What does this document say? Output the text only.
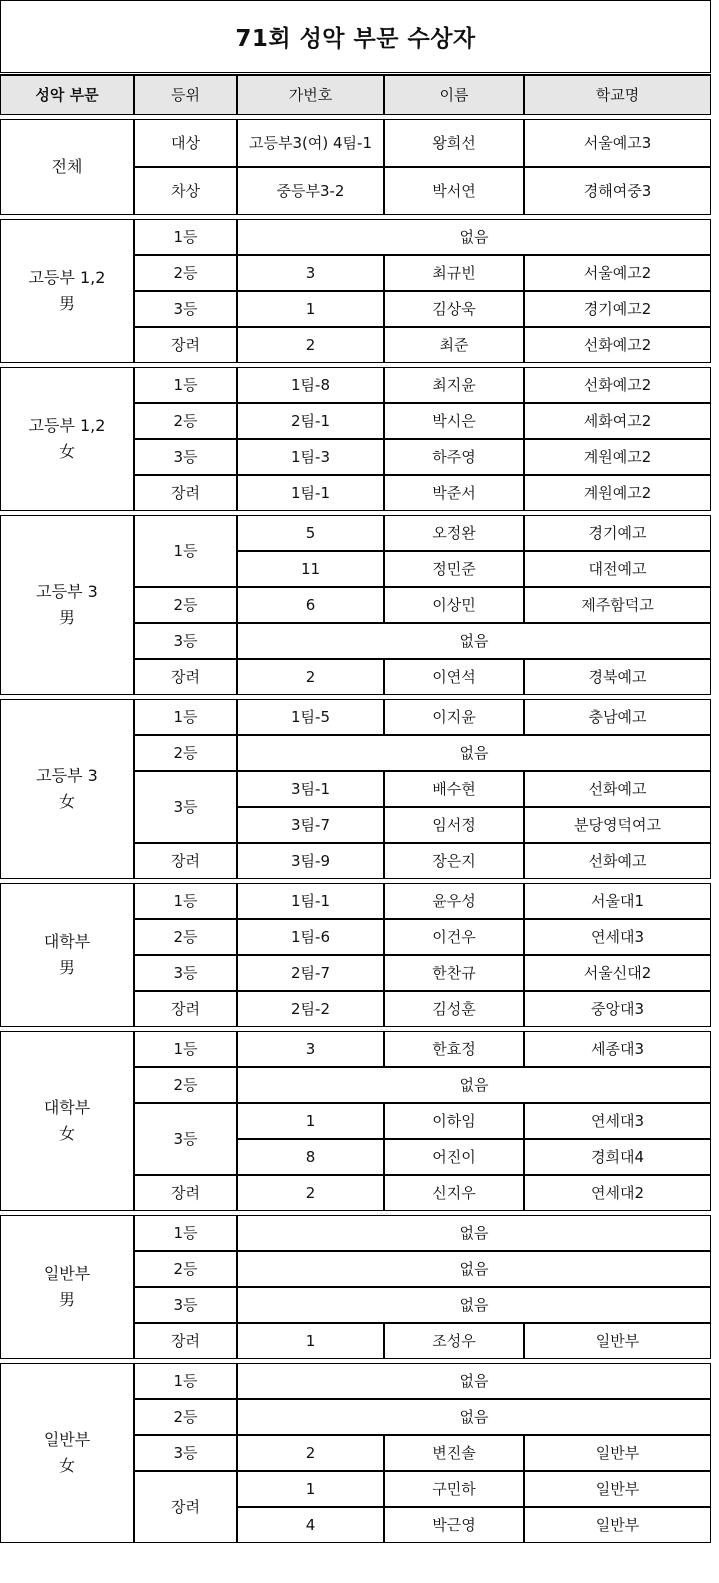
71회 성악 부문 수상자
성악 부문	등위	가번호	이름	학교명

전체	대상	고등부3(여) 4팀-1	왕희선	서울예고3
	차상	중등부3-2	박서연	경해여중3

고등부 1,2
男	1등	없음		
	2등	3	최규빈	서울예고2
	3등	1	김상욱	경기예고2
	장려	2	최준	선화예고2

고등부 1,2
女	1등	1팀-8	최지윤	선화예고2
	2등	2팀-1	박시은	세화여고2
	3등	1팀-3	하주영	계원예고2
	장려	1팀-1	박준서	계원예고2

고등부 3
男	1등	5	오정완	경기예고
		11	정민준	대전예고
	2등	6	이상민	제주함덕고
	3등	없음		
	장려	2	이연석	경북예고

고등부 3
女	1등	1팀-5	이지윤	충남예고
	2등	없음		
	3등	3팀-1	배수현	선화예고
		3팀-7	임서정	분당영덕여고
	장려	3팀-9	장은지	선화예고

대학부
男	1등	1팀-1	윤우성	서울대1
	2등	1팀-6	이건우	연세대3
	3등	2팀-7	한찬규	서울신대2
	장려	2팀-2	김성훈	중앙대3

대학부
女	1등	3	한효정	세종대3
	2등	없음		
	3등	1	이하임	연세대3
		8	어진이	경희대4
	장려	2	신지우	연세대2

일반부
男	1등	없음		
	2등	없음		
	3등	없음		
	장려	1	조성우	일반부

일반부
女	1등	없음		
	2등	없음		
	3등	2	변진솔	일반부
	장려	1	구민하	일반부
		4	박근영	일반부
